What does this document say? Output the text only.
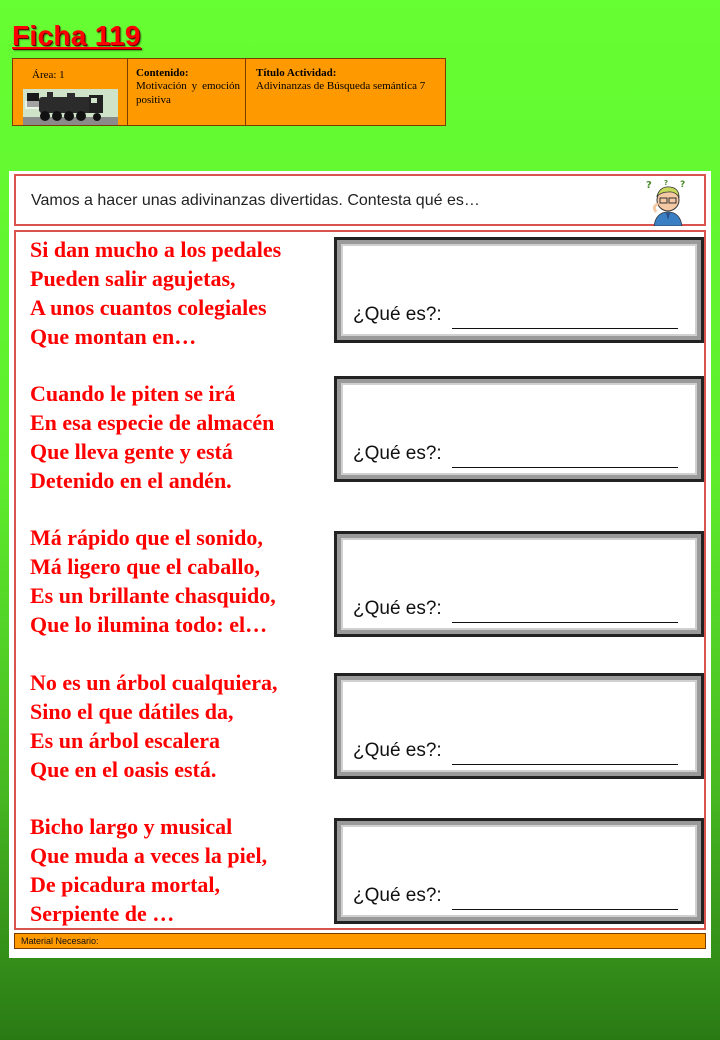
Ficha 119
Área: 1	Contenido:
Motivación y emoción positiva
Título Actividad:
Adivinanzas de Búsqueda semántica 7
Vamos a hacer unas adivinanzas divertidas. Contesta qué es…
?	?
?
Si dan mucho a los pedales
Pueden salir agujetas,
A unos cuantos colegiales
Que montan en…
¿Qué es?:
Cuando le piten se irá
En esa especie de almacén
Que lleva gente y está
Detenido en el andén.
¿Qué es?:
Má rápido que el sonido,
Má ligero que el caballo,
Es un brillante chasquido,
Que lo ilumina todo: el…
¿Qué es?:
No es un árbol cualquiera,
Sino el que dátiles da,
Es un árbol escalera
Que en el oasis está.
¿Qué es?:
Bicho largo y musical
Que muda a veces la piel,
De picadura mortal,
Serpiente de …
¿Qué es?:
Material Necesario:
